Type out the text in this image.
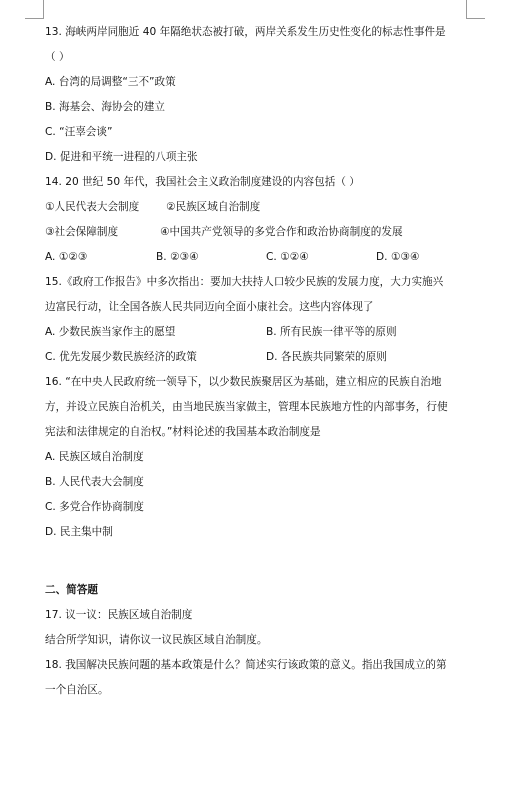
13. 海峡两岸同胞近 40 年隔绝状态被打破，两岸关系发生历史性变化的标志性事件是
（ ）
A. 台湾的局调整“三不”政策
B. 海基会、海协会的建立
C. “汪辜会谈”
D. 促进和平统一进程的八项主张
14. 20 世纪 50 年代，我国社会主义政治制度建设的内容包括（ ）
①人民代表大会制度	②民族区域自治制度
③社会保障制度	④中国共产党领导的多党合作和政治协商制度的发展
A. ①②③	B. ②③④	C. ①②④	D. ①③④
15.《政府工作报告》中多次指出：要加大扶持人口较少民族的发展力度，大力实施兴
边富民行动，让全国各族人民共同迈向全面小康社会。这些内容体现了
A. 少数民族当家作主的愿望	B. 所有民族一律平等的原则
C. 优先发展少数民族经济的政策	D. 各民族共同繁荣的原则
16. “在中央人民政府统一领导下，以少数民族聚居区为基础，建立相应的民族自治地
方，并设立民族自治机关，由当地民族当家做主，管理本民族地方性的内部事务，行使
宪法和法律规定的自治权。”材料论述的我国基本政治制度是
A. 民族区域自治制度
B. 人民代表大会制度
C. 多党合作协商制度
D. 民主集中制
二、简答题
17. 议一议：民族区域自治制度
结合所学知识，请你议一议民族区域自治制度。
18. 我国解决民族问题的基本政策是什么？简述实行该政策的意义。指出我国成立的第
一个自治区。
